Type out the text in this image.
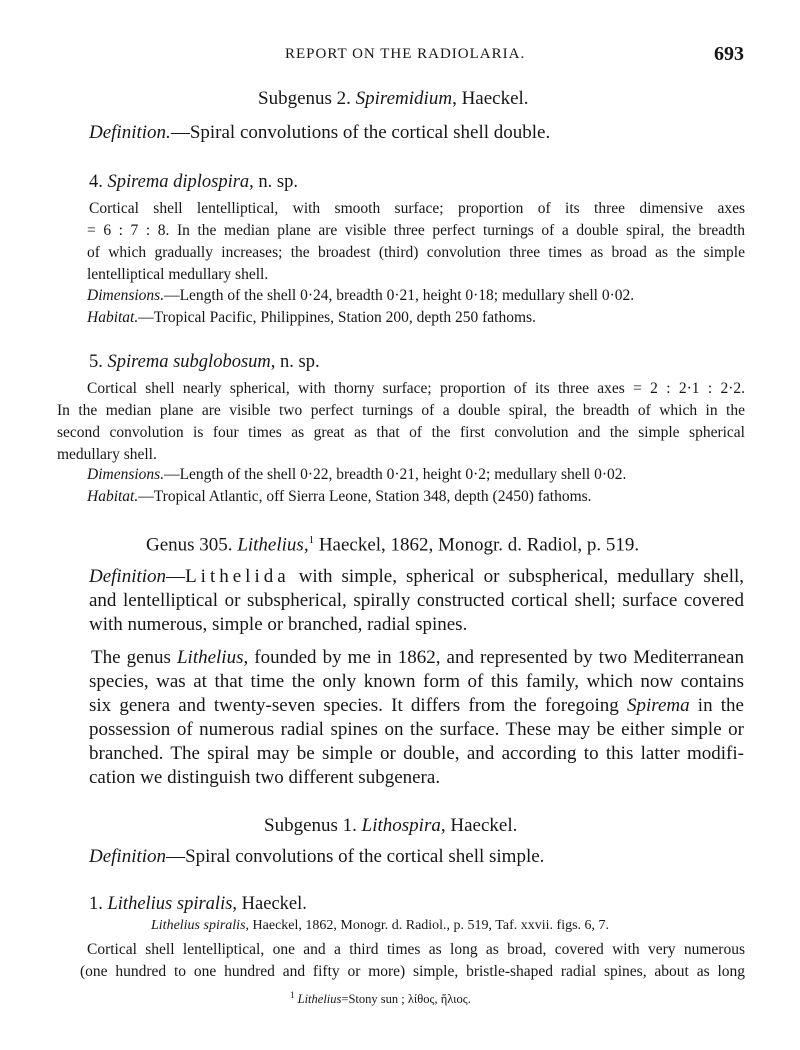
REPORT ON THE RADIOLARIA.	693
Subgenus 2. Spiremidium, Haeckel.
Definition.—Spiral convolutions of the cortical shell double.
4. Spirema diplospira, n. sp.
Cortical shell lentelliptical, with smooth surface; proportion of its three dimensive axes
= 6 : 7 : 8. In the median plane are visible three perfect turnings of a double spiral, the breadth
of which gradually increases; the broadest (third) convolution three times as broad as the simple
lentelliptical medullary shell.
Dimensions.—Length of the shell 0·24, breadth 0·21, height 0·18; medullary shell 0·02.
Habitat.—Tropical Pacific, Philippines, Station 200, depth 250 fathoms.
5. Spirema subglobosum, n. sp.
Cortical shell nearly spherical, with thorny surface; proportion of its three axes = 2 : 2·1 : 2·2.
In the median plane are visible two perfect turnings of a double spiral, the breadth of which in the
second convolution is four times as great as that of the first convolution and the simple spherical
medullary shell.
Dimensions.—Length of the shell 0·22, breadth 0·21, height 0·2; medullary shell 0·02.
Habitat.—Tropical Atlantic, off Sierra Leone, Station 348, depth (2450) fathoms.
Genus 305. Lithelius,$^1$ Haeckel, 1862, Monogr. d. Radiol, p. 519.
Definition—Lithelida with simple, spherical or subspherical, medullary shell,
and lentelliptical or subspherical, spirally constructed cortical shell; surface covered
with numerous, simple or branched, radial spines.
The genus Lithelius, founded by me in 1862, and represented by two Mediterranean
species, was at that time the only known form of this family, which now contains
six genera and twenty-seven species. It differs from the foregoing Spirema in the
possession of numerous radial spines on the surface. These may be either simple or
branched. The spiral may be simple or double, and according to this latter modifi-
cation we distinguish two different subgenera.
Subgenus 1. Lithospira, Haeckel.
Definition—Spiral convolutions of the cortical shell simple.
1. Lithelius spiralis, Haeckel.
Lithelius spiralis, Haeckel, 1862, Monogr. d. Radiol., p. 519, Taf. xxvii. figs. 6, 7.
Cortical shell lentelliptical, one and a third times as long as broad, covered with very numerous
(one hundred to one hundred and fifty or more) simple, bristle-shaped radial spines, about as long
$^1$ Lithelius=Stony sun ; λίθος, ἥλιος.
